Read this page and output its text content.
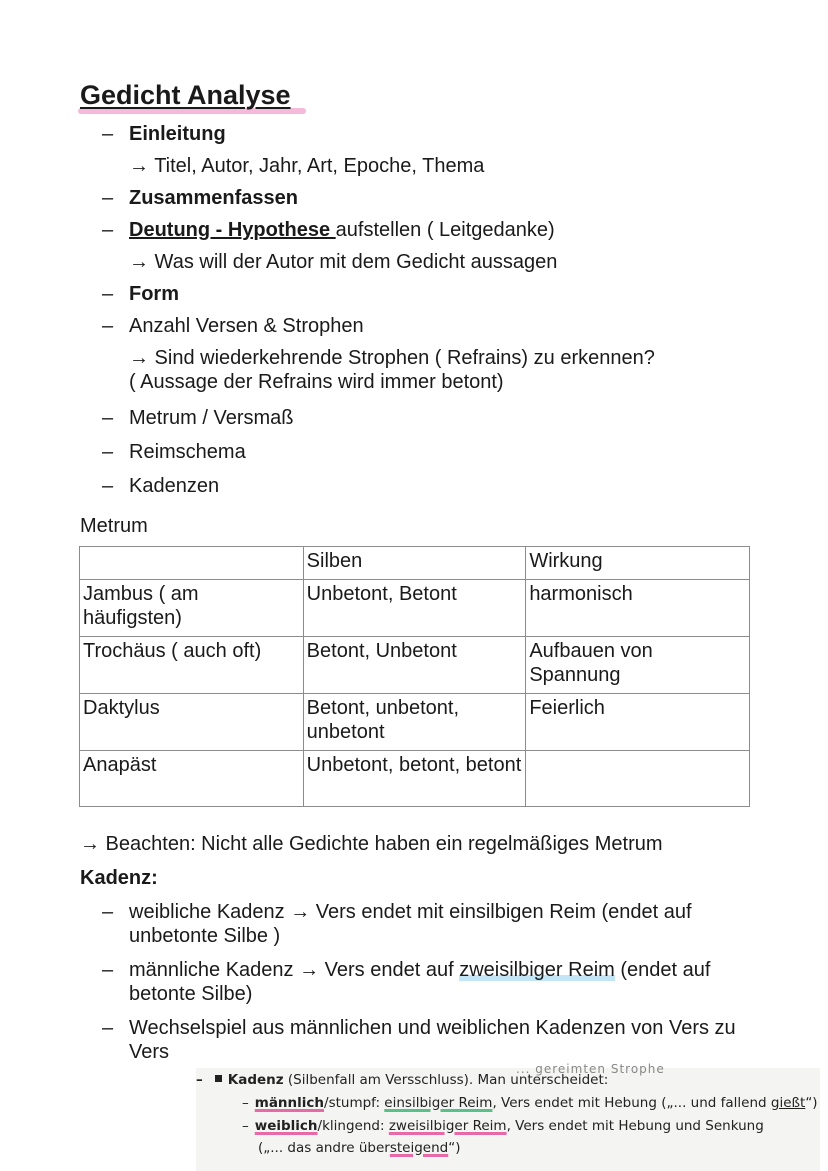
Gedicht Analyse
– Einleitung
→ Titel, Autor, Jahr, Art, Epoche, Thema
– Zusammenfassen
– Deutung - Hypothese aufstellen ( Leitgedanke)
→ Was will der Autor mit dem Gedicht aussagen
– Form
– Anzahl Versen & Strophen
→ Sind wiederkehrende Strophen ( Refrains) zu erkennen?
( Aussage der Refrains wird immer betont)
– Metrum / Versmaß
– Reimschema
– Kadenzen
Metrum
	Silben	Wirkung
Jambus ( am häufigsten)	Unbetont, Betont	harmonisch
Trochäus ( auch oft)	Betont, Unbetont	Aufbauen von Spannung
Daktylus	Betont, unbetont, unbetont	Feierlich
Anapäst	Unbetont, betont, betont	
→ Beachten: Nicht alle Gedichte haben ein regelmäßiges Metrum
Kadenz:
– weibliche Kadenz → Vers endet mit einsilbigen Reim (endet auf unbetonte Silbe )
– männliche Kadenz → Vers endet auf zweisilbiger Reim (endet auf betonte Silbe)
– Wechselspiel aus männlichen und weiblichen Kadenzen von Vers zu Vers
... gereimten Strophe
– Kadenz (Silbenfall am Versschluss). Man unterscheidet:
– männlich/stumpf: einsilbiger Reim, Vers endet mit Hebung („... und fallend gießt“)
– weiblich/klingend: zweisilbiger Reim, Vers endet mit Hebung und Senkung
(„... das andre übersteigend“)
